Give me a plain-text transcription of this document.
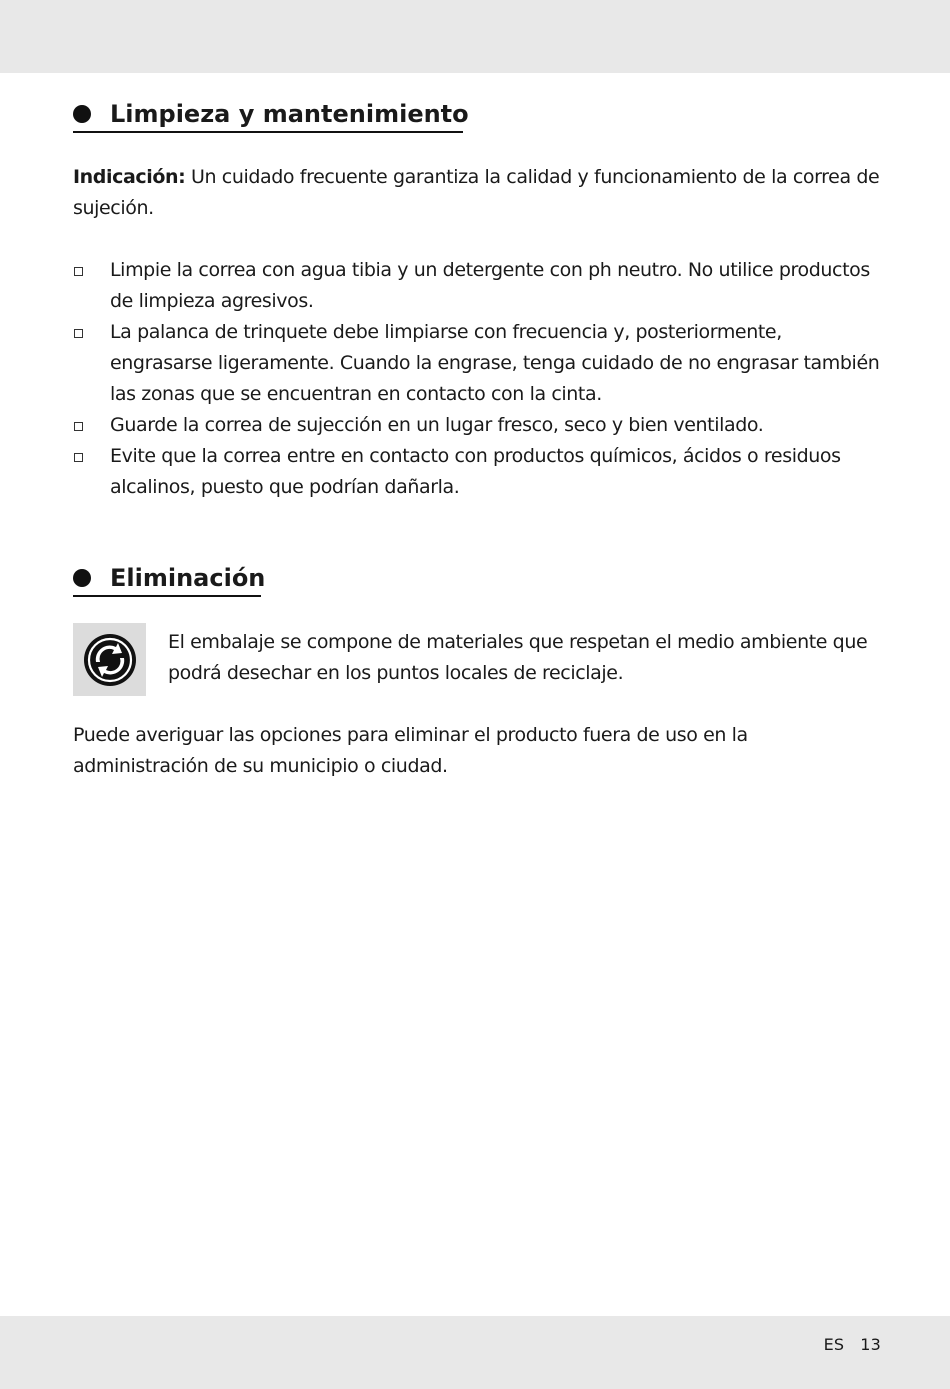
Limpieza y mantenimiento
Indicación: Un cuidado frecuente garantiza la calidad y funcionamiento de la correa de sujeción.
Limpie la correa con agua tibia y un detergente con ph neutro. No utilice productos de limpieza agresivos.
La palanca de trinquete debe limpiarse con frecuencia y, posteriormente, engrasarse ligeramente. Cuando la engrase, tenga cuidado de no engrasar también las zonas que se encuentran en contacto con la cinta.
Guarde la correa de sujección en un lugar fresco, seco y bien ventilado.
Evite que la correa entre en contacto con productos químicos, ácidos o residuos alcalinos, puesto que podrían dañarla.
Eliminación
El embalaje se compone de materiales que respetan el medio ambiente que podrá desechar en los puntos locales de reciclaje.
Puede averiguar las opciones para eliminar el producto fuera de uso en la administración de su municipio o ciudad.
ES 13
